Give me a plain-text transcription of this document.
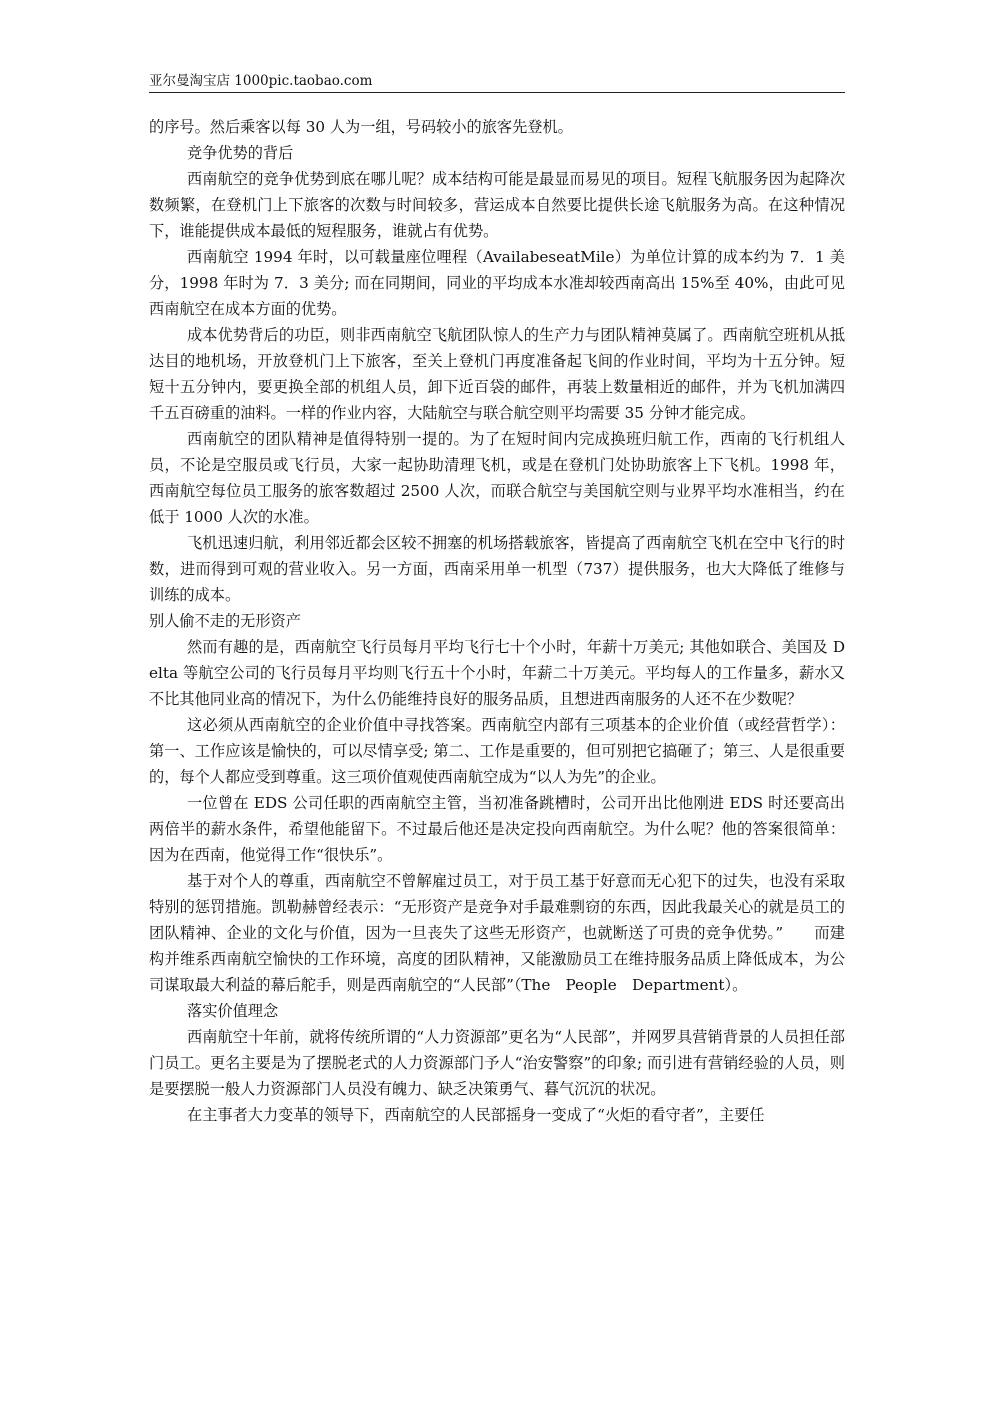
亚尔曼淘宝店 1000pic.taobao.com

的序号。然后乘客以每 30 人为一组，号码较小的旅客先登机。

竞争优势的背后

西南航空的竞争优势到底在哪儿呢？成本结构可能是最显而易见的项目。短程飞航服务因为起降次数频繁，在登机门上下旅客的次数与时间较多，营运成本自然要比提供长途飞航服务为高。在这种情况下，谁能提供成本最低的短程服务，谁就占有优势。

西南航空 1994 年时，以可载量座位哩程（AvailabeseatMile）为单位计算的成本约为 7．1 美分，1998 年时为 7．3 美分; 而在同期间，同业的平均成本水准却较西南高出 15%至 40%，由此可见西南航空在成本方面的优势。

成本优势背后的功臣，则非西南航空飞航团队惊人的生产力与团队精神莫属了。西南航空班机从抵达目的地机场，开放登机门上下旅客，至关上登机门再度准备起飞间的作业时间，平均为十五分钟。短短十五分钟内，要更换全部的机组人员，卸下近百袋的邮件，再装上数量相近的邮件，并为飞机加满四千五百磅重的油料。一样的作业内容，大陆航空与联合航空则平均需要 35 分钟才能完成。

西南航空的团队精神是值得特别一提的。为了在短时间内完成换班归航工作，西南的飞行机组人员，不论是空服员或飞行员，大家一起协助清理飞机，或是在登机门处协助旅客上下飞机。1998 年，西南航空每位员工服务的旅客数超过 2500 人次，而联合航空与美国航空则与业界平均水准相当，约在低于 1000 人次的水准。

飞机迅速归航，利用邻近都会区较不拥塞的机场搭载旅客，皆提高了西南航空飞机在空中飞行的时数，进而得到可观的营业收入。另一方面，西南采用单一机型（737）提供服务，也大大降低了维修与训练的成本。

别人偷不走的无形资产

然而有趣的是，西南航空飞行员每月平均飞行七十个小时，年薪十万美元; 其他如联合、美国及 Delta 等航空公司的飞行员每月平均则飞行五十个小时，年薪二十万美元。平均每人的工作量多，薪水又不比其他同业高的情况下，为什么仍能维持良好的服务品质，且想进西南服务的人还不在少数呢？

这必须从西南航空的企业价值中寻找答案。西南航空内部有三项基本的企业价值（或经营哲学）：第一、工作应该是愉快的，可以尽情享受; 第二、工作是重要的，但可别把它搞砸了；第三、人是很重要的，每个人都应受到尊重。这三项价值观使西南航空成为“以人为先”的企业。

一位曾在 EDS 公司任职的西南航空主管，当初准备跳槽时，公司开出比他刚进 EDS 时还要高出两倍半的薪水条件，希望他能留下。不过最后他还是决定投向西南航空。为什么呢？他的答案很简单：因为在西南，他觉得工作“很快乐”。

基于对个人的尊重，西南航空不曾解雇过员工，对于员工基于好意而无心犯下的过失，也没有采取特别的惩罚措施。凯勒赫曾经表示：“无形资产是竞争对手最难剽窃的东西，因此我最关心的就是员工的团队精神、企业的文化与价值，因为一旦丧失了这些无形资产，也就断送了可贵的竞争优势。”　　而建构并维系西南航空愉快的工作环境，高度的团队精神，又能激励员工在维持服务品质上降低成本，为公司谋取最大利益的幕后舵手，则是西南航空的“人民部”（The　People　Department）。

落实价值理念

西南航空十年前，就将传统所谓的“人力资源部”更名为“人民部”，并网罗具营销背景的人员担任部门员工。更名主要是为了摆脱老式的人力资源部门予人“治安警察”的印象; 而引进有营销经验的人员，则是要摆脱一般人力资源部门人员没有魄力、缺乏决策勇气、暮气沉沉的状况。

在主事者大力变革的领导下，西南航空的人民部摇身一变成了“火炬的看守者”，主要任
